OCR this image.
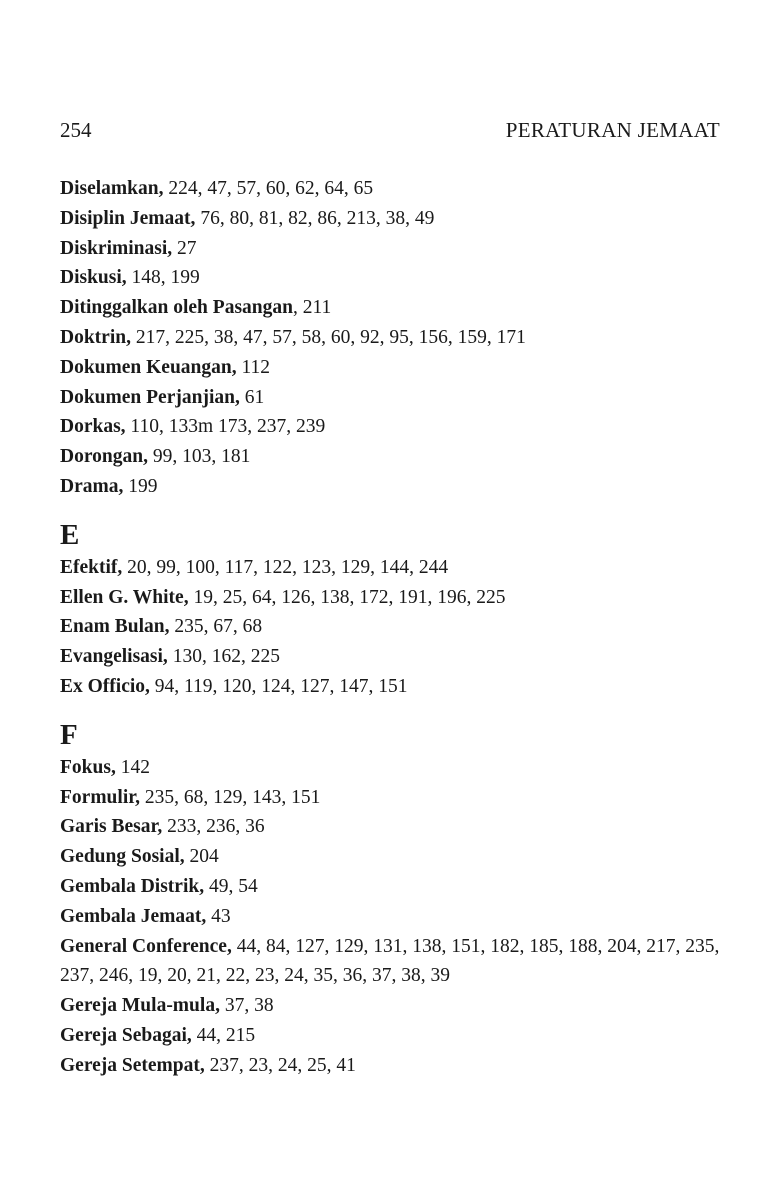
254	PERATURAN JEMAAT

Diselamkan, 224, 47, 57, 60, 62, 64, 65

Disiplin Jemaat, 76, 80, 81, 82, 86, 213, 38, 49

Diskriminasi, 27

Diskusi, 148, 199

Ditinggalkan oleh Pasangan, 211

Doktrin, 217, 225, 38, 47, 57, 58, 60, 92, 95, 156, 159, 171

Dokumen Keuangan, 112

Dokumen Perjanjian, 61

Dorkas, 110, 133m 173, 237, 239

Dorongan, 99, 103, 181

Drama, 199

E

Efektif, 20, 99, 100, 117, 122, 123, 129, 144, 244

Ellen G. White, 19, 25, 64, 126, 138, 172, 191, 196, 225

Enam Bulan, 235, 67, 68

Evangelisasi, 130, 162, 225

Ex Officio, 94, 119, 120, 124, 127, 147, 151

F

Fokus, 142

Formulir, 235, 68, 129, 143, 151

Garis Besar, 233, 236, 36

Gedung Sosial, 204

Gembala Distrik, 49, 54

Gembala Jemaat, 43

General Conference, 44, 84, 127, 129, 131, 138, 151, 182, 185, 188, 204, 217, 235, 237, 246, 19, 20, 21, 22, 23, 24, 35, 36, 37, 38, 39

Gereja Mula-mula, 37, 38

Gereja Sebagai, 44, 215

Gereja Setempat, 237, 23, 24, 25, 41
